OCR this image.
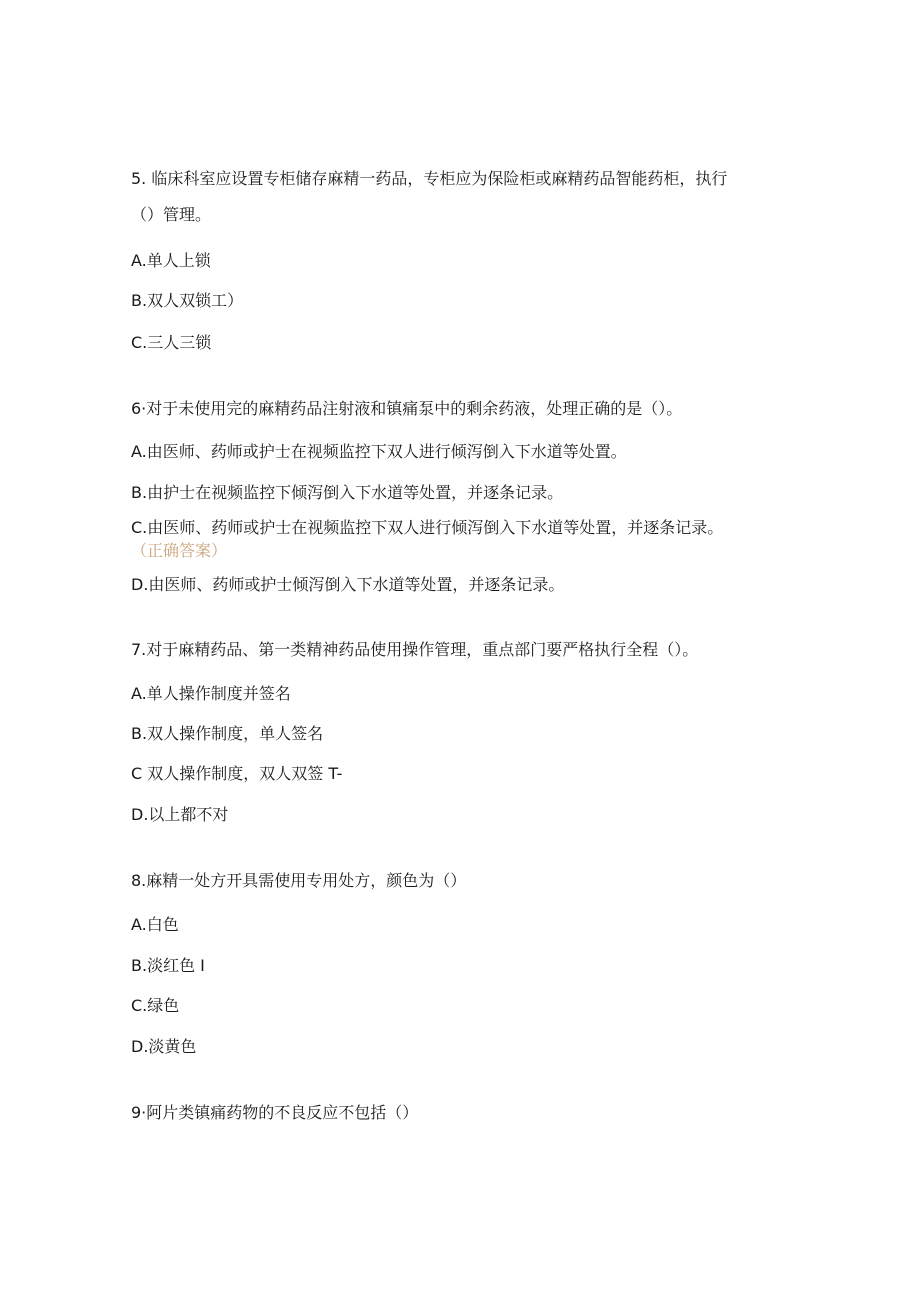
5. 临床科室应设置专柜储存麻精一药品，专柜应为保险柜或麻精药品智能药柜，执行
（）管理。
A.单人上锁
B.双人双锁工）
C.三人三锁
6·对于未使用完的麻精药品注射液和镇痛泵中的剩余药液，处理正确的是（）。
A.由医师、药师或护士在视频监控下双人进行倾泻倒入下水道等处置。
B.由护士在视频监控下倾泻倒入下水道等处置，并逐条记录。
C.由医师、药师或护士在视频监控下双人进行倾泻倒入下水道等处置，并逐条记录。
（正确答案）
D.由医师、药师或护士倾泻倒入下水道等处置，并逐条记录。
7.对于麻精药品、第一类精神药品使用操作管理，重点部门要严格执行全程（）。
A.单人操作制度并签名
B.双人操作制度，单人签名
C 双人操作制度，双人双签 T-
D.以上都不对
8.麻精一处方开具需使用专用处方，颜色为（）
A.白色
B.淡红色 I
C.绿色
D.淡黄色
9·阿片类镇痛药物的不良反应不包括（）
